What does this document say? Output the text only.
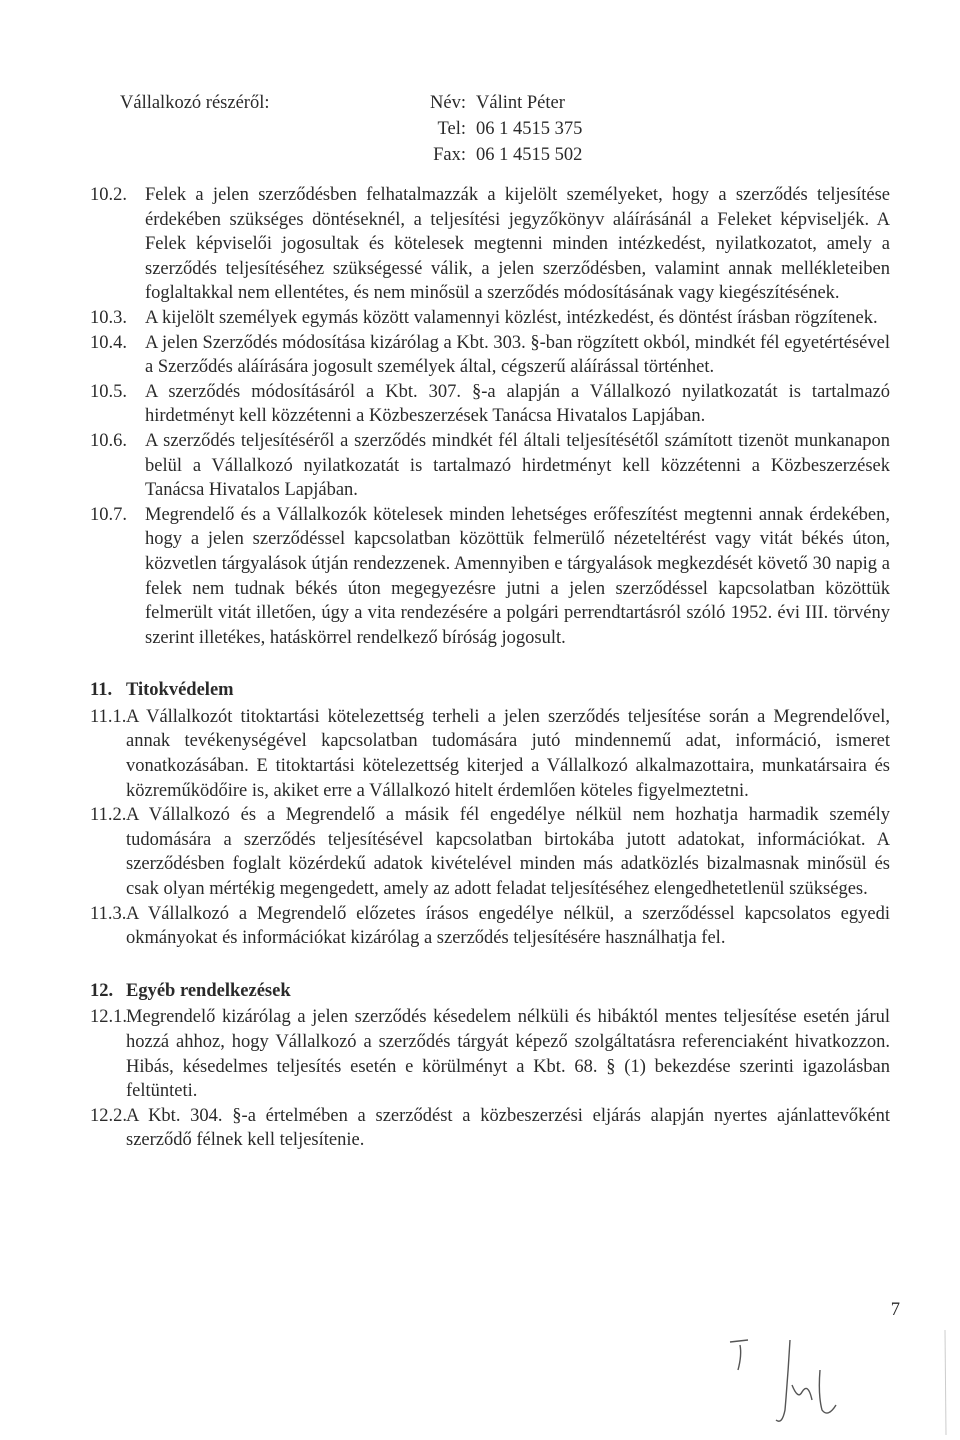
Vállalkozó részéről:	Név: Válint Péter
Tel: 06 1 4515 375
Fax: 06 1 4515 502

10.2. Felek a jelen szerződésben felhatalmazzák a kijelölt személyeket, hogy a szerződés teljesítése érdekében szükséges döntéseknél, a teljesítési jegyzőkönyv aláírásánál a Feleket képviseljék. A Felek képviselői jogosultak és kötelesek megtenni minden intézkedést, nyilatkozatot, amely a szerződés teljesítéséhez szükségessé válik, a jelen szerződésben, valamint annak mellékleteiben foglaltakkal nem ellentétes, és nem minősül a szerződés módosításának vagy kiegészítésének.

10.3. A kijelölt személyek egymás között valamennyi közlést, intézkedést, és döntést írásban rögzítenek.

10.4. A jelen Szerződés módosítása kizárólag a Kbt. 303. §-ban rögzített okból, mindkét fél egyetértésével a Szerződés aláírására jogosult személyek által, cégszerű aláírással történhet.

10.5. A szerződés módosításáról a Kbt. 307. §-a alapján a Vállalkozó nyilatkozatát is tartalmazó hirdetményt kell közzétenni a Közbeszerzések Tanácsa Hivatalos Lapjában.

10.6. A szerződés teljesítéséről a szerződés mindkét fél általi teljesítésétől számított tizenöt munkanapon belül a Vállalkozó nyilatkozatát is tartalmazó hirdetményt kell közzétenni a Közbeszerzések Tanácsa Hivatalos Lapjában.

10.7. Megrendelő és a Vállalkozók kötelesek minden lehetséges erőfeszítést megtenni annak érdekében, hogy a jelen szerződéssel kapcsolatban közöttük felmerülő nézeteltérést vagy vitát békés úton, közvetlen tárgyalások útján rendezzenek. Amennyiben e tárgyalások megkezdését követő 30 napig a felek nem tudnak békés úton megegyezésre jutni a jelen szerződéssel kapcsolatban közöttük felmerült vitát illetően, úgy a vita rendezésére a polgári perrendtartásról szóló 1952. évi III. törvény szerint illetékes, hatáskörrel rendelkező bíróság jogosult.

11. Titokvédelem

11.1. A Vállalkozót titoktartási kötelezettség terheli a jelen szerződés teljesítése során a Megrendelővel, annak tevékenységével kapcsolatban tudomására jutó mindennemű adat, információ, ismeret vonatkozásában. E titoktartási kötelezettség kiterjed a Vállalkozó alkalmazottaira, munkatársaira és közreműködőire is, akiket erre a Vállalkozó hitelt érdemlően köteles figyelmeztetni.

11.2. A Vállalkozó és a Megrendelő a másik fél engedélye nélkül nem hozhatja harmadik személy tudomására a szerződés teljesítésével kapcsolatban birtokába jutott adatokat, információkat. A szerződésben foglalt közérdekű adatok kivételével minden más adatközlés bizalmasnak minősül és csak olyan mértékig megengedett, amely az adott feladat teljesítéséhez elengedhetetlenül szükséges.

11.3. A Vállalkozó a Megrendelő előzetes írásos engedélye nélkül, a szerződéssel kapcsolatos egyedi okmányokat és információkat kizárólag a szerződés teljesítésére használhatja fel.

12. Egyéb rendelkezések

12.1. Megrendelő kizárólag a jelen szerződés késedelem nélküli és hibáktól mentes teljesítése esetén járul hozzá ahhoz, hogy Vállalkozó a szerződés tárgyát képező szolgáltatásra referenciaként hivatkozzon. Hibás, késedelmes teljesítés esetén e körülményt a Kbt. 68. § (1) bekezdése szerinti igazolásban feltünteti.

12.2. A Kbt. 304. §-a értelmében a szerződést a közbeszerzési eljárás alapján nyertes ajánlattevőként szerződő félnek kell teljesítenie.

7
